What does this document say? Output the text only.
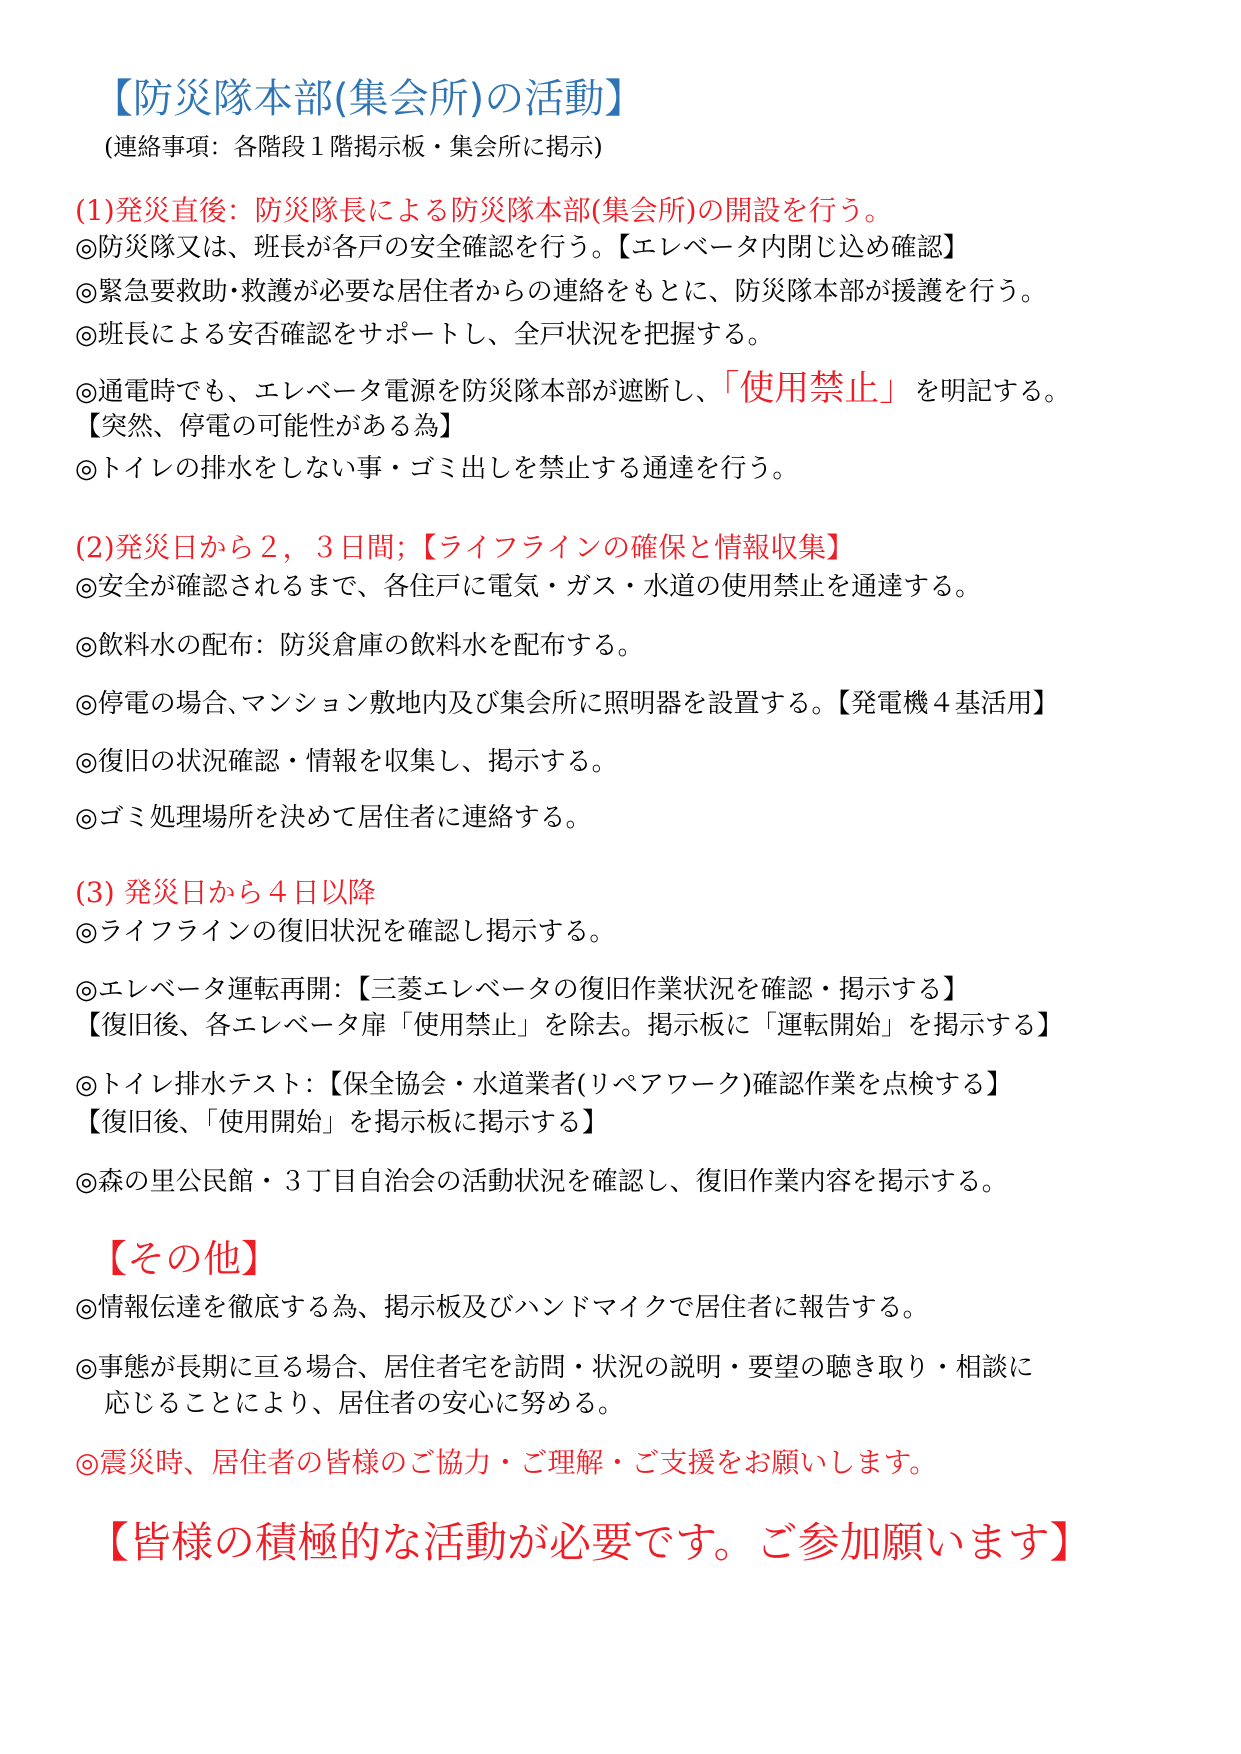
【防災隊本部(集会所)の活動】
(連絡事項：各階段１階掲示板・集会所に掲示)
(1)発災直後：防災隊長による防災隊本部(集会所)の開設を行う。
◎防災隊又は、班長が各戸の安全確認を行う。【エレベータ内閉じ込め確認】
◎緊急要救助･救護が必要な居住者からの連絡をもとに、防災隊本部が援護を行う。
◎班長による安否確認をサポートし、全戸状況を把握する。
◎通電時でも、エレベータ電源を防災隊本部が遮断し、「使用禁止」を明記する。
【突然、停電の可能性がある為】
◎トイレの排水をしない事・ゴミ出しを禁止する通達を行う。
(2)発災日から２，３日間；【ライフラインの確保と情報収集】
◎安全が確認されるまで、各住戸に電気・ガス・水道の使用禁止を通達する。
◎飲料水の配布：防災倉庫の飲料水を配布する。
◎停電の場合､マンション敷地内及び集会所に照明器を設置する。【発電機４基活用】
◎復旧の状況確認・情報を収集し、掲示する。
◎ゴミ処理場所を決めて居住者に連絡する。
(3) 発災日から４日以降
◎ライフラインの復旧状況を確認し掲示する。
◎エレベータ運転再開：【三菱エレベータの復旧作業状況を確認・掲示する】
【復旧後、各エレベータ扉「使用禁止」を除去。掲示板に「運転開始」を掲示する】
◎トイレ排水テスト：【保全協会・水道業者(リペアワーク)確認作業を点検する】
【復旧後、「使用開始」を掲示板に掲示する】
◎森の里公民館・３丁目自治会の活動状況を確認し、復旧作業内容を掲示する。
【その他】
◎情報伝達を徹底する為、掲示板及びハンドマイクで居住者に報告する。
◎事態が長期に亘る場合、居住者宅を訪問・状況の説明・要望の聴き取り・相談に
応じることにより、居住者の安心に努める。
◎震災時、居住者の皆様のご協力・ご理解・ご支援をお願いします。
【皆様の積極的な活動が必要です。ご参加願います】
